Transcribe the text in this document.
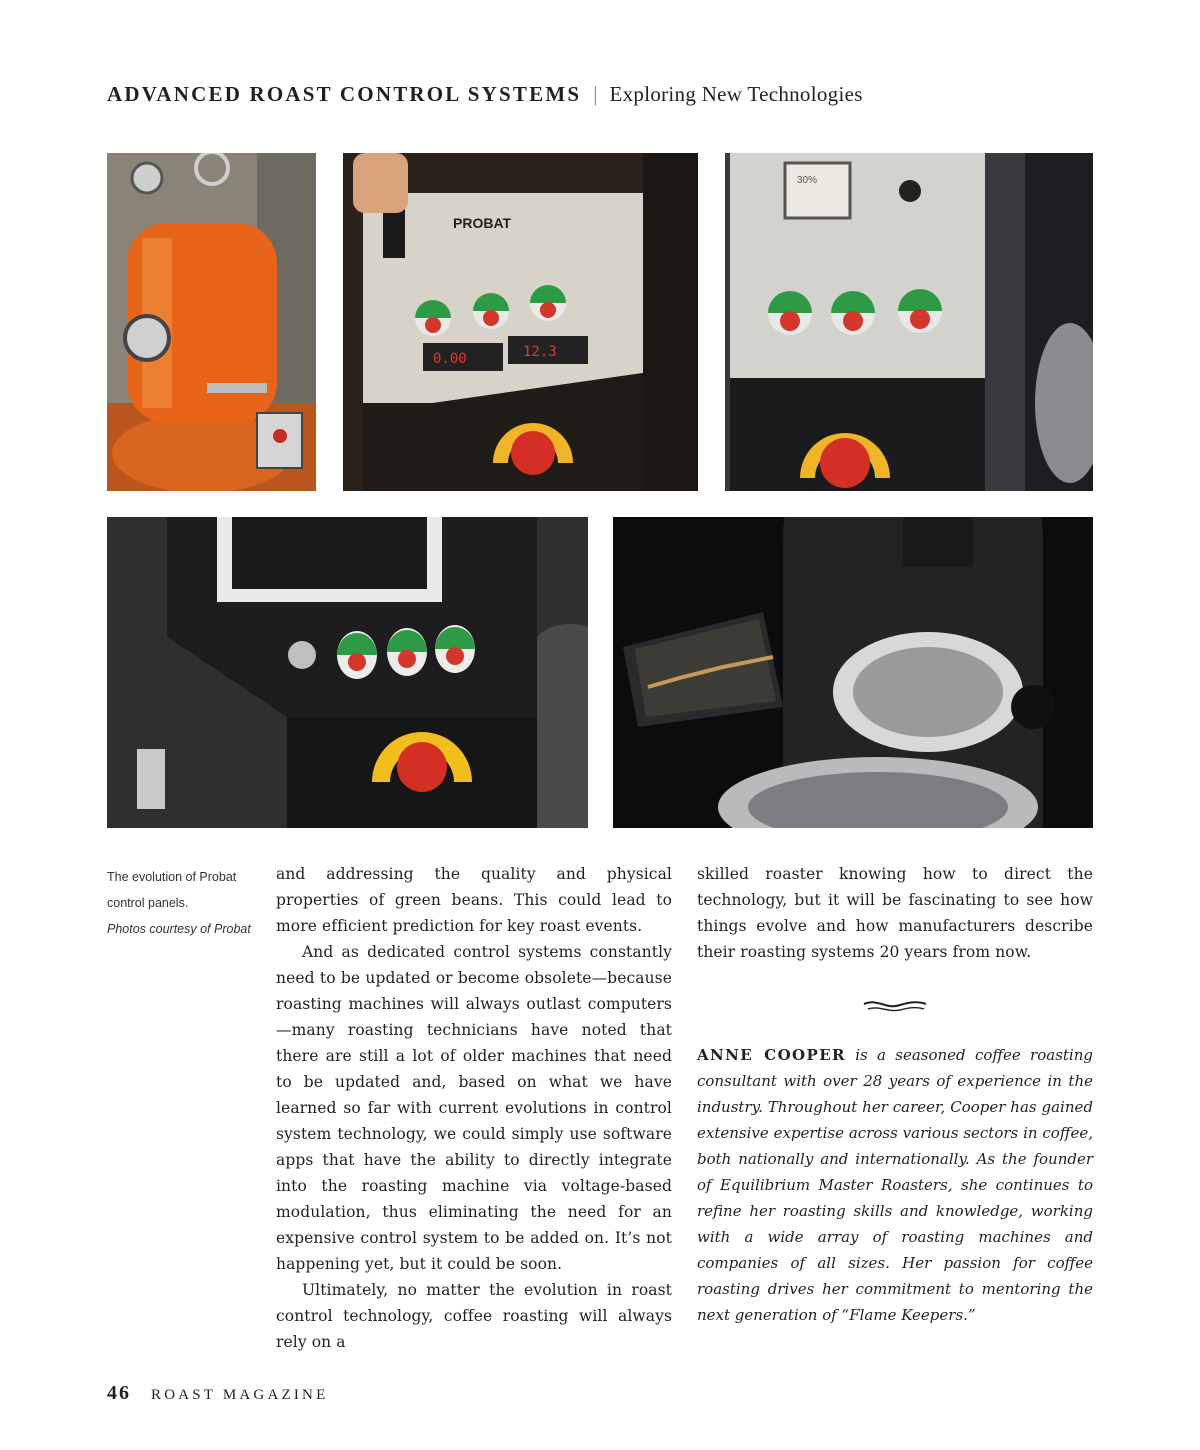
ADVANCED ROAST CONTROL SYSTEMS | Exploring New Technologies
PROBAT
0.00	12.3
30%
The evolution of Probat
control panels.
Photos courtesy of Probat

and addressing the quality and physical properties of green beans. This could lead to more efficient prediction for key roast events.

And as dedicated control systems constantly need to be updated or become obsolete—because roasting machines will always outlast computers—many roasting technicians have noted that there are still a lot of older machines that need to be updated and, based on what we have learned so far with current evolutions in control system technology, we could simply use software apps that have the ability to directly integrate into the roasting machine via voltage-based modulation, thus eliminating the need for an expensive control system to be added on. It’s not happening yet, but it could be soon.

Ultimately, no matter the evolution in roast control technology, coffee roasting will always rely on a

skilled roaster knowing how to direct the technology, but it will be fascinating to see how things evolve and how manufacturers describe their roasting systems 20 years from now.

ANNE COOPER is a seasoned coffee roasting consultant with over 28 years of experience in the industry. Throughout her career, Cooper has gained extensive expertise across various sectors in coffee, both nationally and internationally. As the founder of Equilibrium Master Roasters, she continues to refine her roasting skills and knowledge, working with a wide array of roasting machines and companies of all sizes. Her passion for coffee roasting drives her commitment to mentoring the next generation of “Flame Keepers.”
46 ROAST MAGAZINE
